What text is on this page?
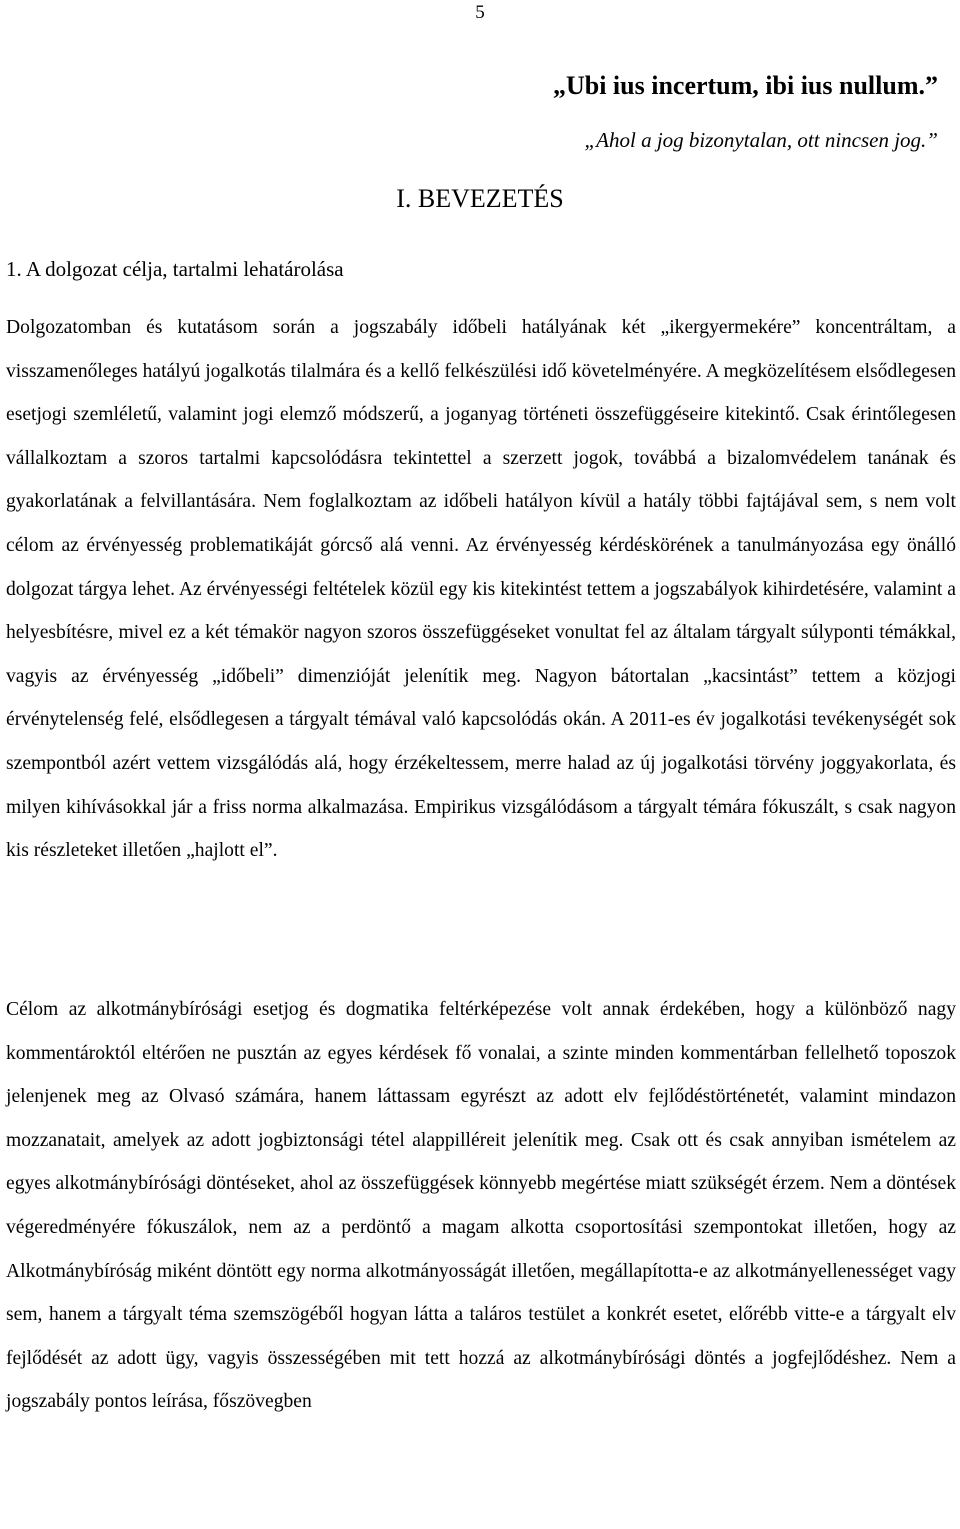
5
„Ubi ius incertum, ibi ius nullum.”
„Ahol a jog bizonytalan, ott nincsen jog.”
I. BEVEZETÉS
1. A dolgozat célja, tartalmi lehatárolása

Dolgozatomban és kutatásom során a jogszabály időbeli hatályának két „ikergyermekére” koncentráltam, a visszamenőleges hatályú jogalkotás tilalmára és a kellő felkészülési idő követelményére. A megközelítésem elsődlegesen esetjogi szemléletű, valamint jogi elemző módszerű, a joganyag történeti összefüggéseire kitekintő. Csak érintőlegesen vállalkoztam a szoros tartalmi kapcsolódásra tekintettel a szerzett jogok, továbbá a bizalomvédelem tanának és gyakorlatának a felvillantására. Nem foglalkoztam az időbeli hatályon kívül a hatály többi fajtájával sem, s nem volt célom az érvényesség problematikáját górcső alá venni. Az érvényesség kérdéskörének a tanulmányozása egy önálló dolgozat tárgya lehet. Az érvényességi feltételek közül egy kis kitekintést tettem a jogszabályok kihirdetésére, valamint a helyesbítésre, mivel ez a két témakör nagyon szoros összefüggéseket vonultat fel az általam tárgyalt súlyponti témákkal, vagyis az érvényesség „időbeli” dimenzióját jelenítik meg. Nagyon bátortalan „kacsintást” tettem a közjogi érvénytelenség felé, elsődlegesen a tárgyalt témával való kapcsolódás okán. A 2011-es év jogalkotási tevékenységét sok szempontból azért vettem vizsgálódás alá, hogy érzékeltessem, merre halad az új jogalkotási törvény joggyakorlata, és milyen kihívásokkal jár a friss norma alkalmazása. Empirikus vizsgálódásom a tárgyalt témára fókuszált, s csak nagyon kis részleteket illetően „hajlott el”.

Célom az alkotmánybírósági esetjog és dogmatika feltérképezése volt annak érdekében, hogy a különböző nagy kommentároktól eltérően ne pusztán az egyes kérdések fő vonalai, a szinte minden kommentárban fellelhető toposzok jelenjenek meg az Olvasó számára, hanem láttassam egyrészt az adott elv fejlődéstörténetét, valamint mindazon mozzanatait, amelyek az adott jogbiztonsági tétel alappilléreit jelenítik meg. Csak ott és csak annyiban ismételem az egyes alkotmánybírósági döntéseket, ahol az összefüggések könnyebb megértése miatt szükségét érzem. Nem a döntések végeredményére fókuszálok, nem az a perdöntő a magam alkotta csoportosítási szempontokat illetően, hogy az Alkotmánybíróság miként döntött egy norma alkotmányosságát illetően, megállapította-e az alkotmányellenességet vagy sem, hanem a tárgyalt téma szemszögéből hogyan látta a taláros testület a konkrét esetet, előrébb vitte-e a tárgyalt elv fejlődését az adott ügy, vagyis összességében mit tett hozzá az alkotmánybírósági döntés a jogfejlődéshez. Nem a jogszabály pontos leírása, főszövegben
